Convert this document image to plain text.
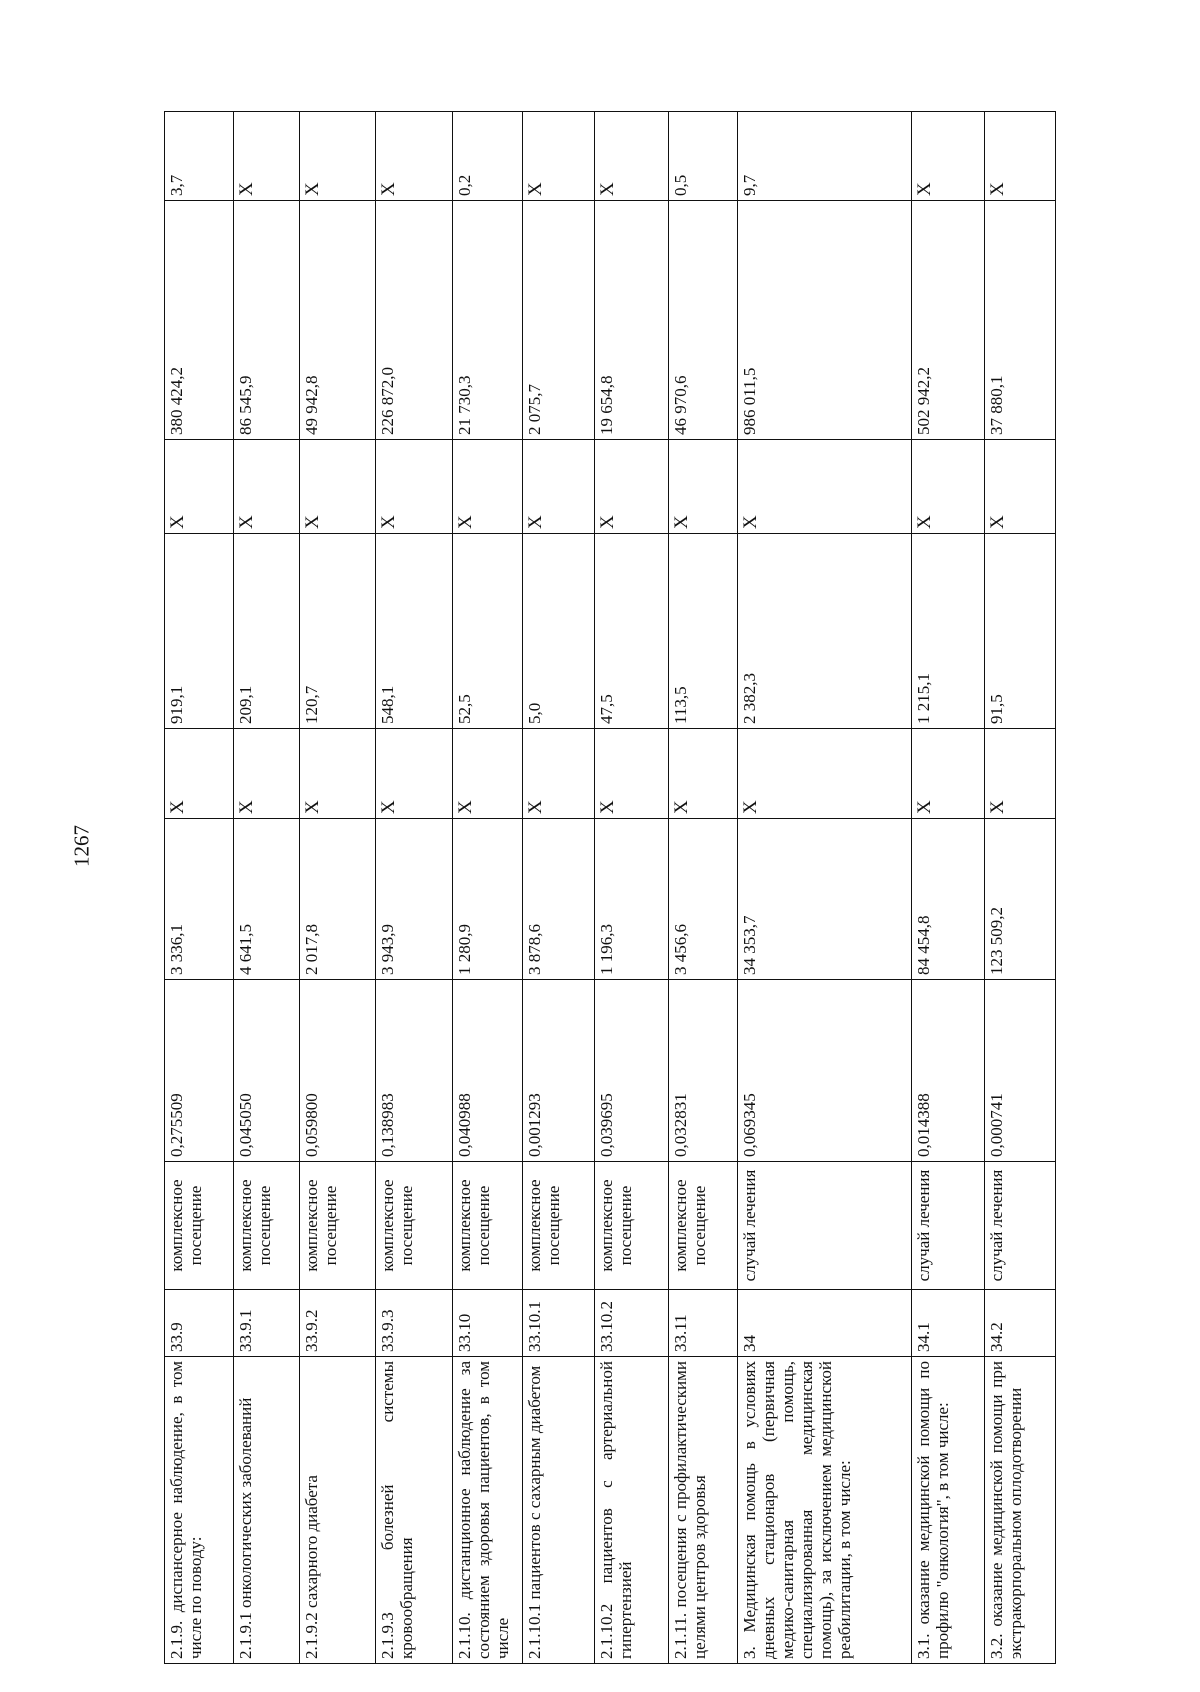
1267
2.1.9. диспансерное наблюдение, в том числе по поводу:	33.9	комплексное посещение	0,275509	3 336,1	X	919,1	X	380 424,2	3,7
2.1.9.1 онкологических заболеваний	33.9.1	комплексное посещение	0,045050	4 641,5	X	209,1	X	86 545,9	X
2.1.9.2 сахарного диабета	33.9.2	комплексное посещение	0,059800	2 017,8	X	120,7	X	49 942,8	X
2.1.9.3 болезней системы кровообращения	33.9.3	комплексное посещение	0,138983	3 943,9	X	548,1	X	226 872,0	X
2.1.10. дистанционное наблюдение за состоянием здоровья пациентов, в том числе	33.10	комплексное посещение	0,040988	1 280,9	X	52,5	X	21 730,3	0,2
2.1.10.1 пациентов с сахарным диабетом	33.10.1	комплексное посещение	0,001293	3 878,6	X	5,0	X	2 075,7	X
2.1.10.2 пациентов с артериальной гипертензией	33.10.2	комплексное посещение	0,039695	1 196,3	X	47,5	X	19 654,8	X
2.1.11. посещения с профилактическими целями центров здоровья	33.11	комплексное посещение	0,032831	3 456,6	X	113,5	X	46 970,6	0,5
3. Медицинская помощь в условиях дневных стационаров (первичная медико-санитарная помощь, специализированная медицинская помощь), за исключением медицинской реабилитации, в том числе:	34	случай лечения	0,069345	34 353,7	X	2 382,3	X	986 011,5	9,7
3.1. оказание медицинской помощи по профилю "онкология", в том числе:	34.1	случай лечения	0,014388	84 454,8	X	1 215,1	X	502 942,2	X
3.2. оказание медицинской помощи при экстракорпоральном оплодотворении	34.2	случай лечения	0,000741	123 509,2	X	91,5	X	37 880,1	X
